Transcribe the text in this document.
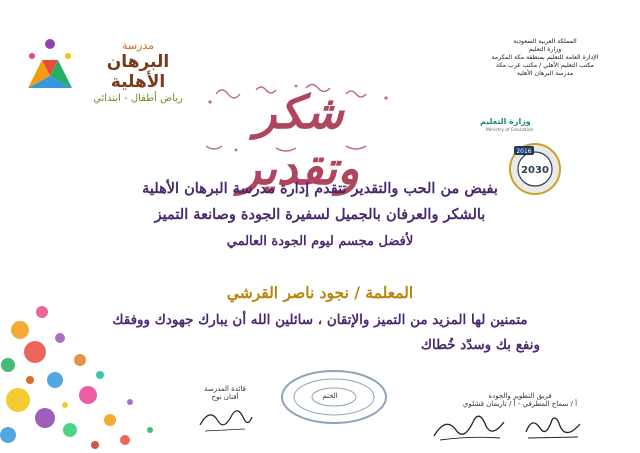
مدرسة
البرهان الأهلية
رياض أطفال - ابتدائي
المملكة العربية السعودية
وزارة التعليم
الإدارة العامة للتعليم بمنطقة مكة المكرمة
مكتب التعليم الأهلي / مكتب غرب مكة
مدرسة البرهان الأهلية
وزارة التعليم
Ministry of Education
2016
2030
شكر وتقدير
بفيض من الحب والتقدير تتقدم إدارة مدرسة البرهان الأهلية
بالشكر والعرفان بالجميل لسفيرة الجودة وصانعة التميز
لأفضل مجسم ليوم الجودة العالمي
المعلمة / نجود ناصر القرشي
متمنين لها المزيد من التميز والإتقان ، سائلين الله أن يبارك جهودك ووفقك
ونفع بك وسدّد خُطاك
قائدة المدرسة
أفنان نوح	الختم	فريق التطوير والجودة
أ / سماح المطرفي - أ / تاريمان قشلوي
